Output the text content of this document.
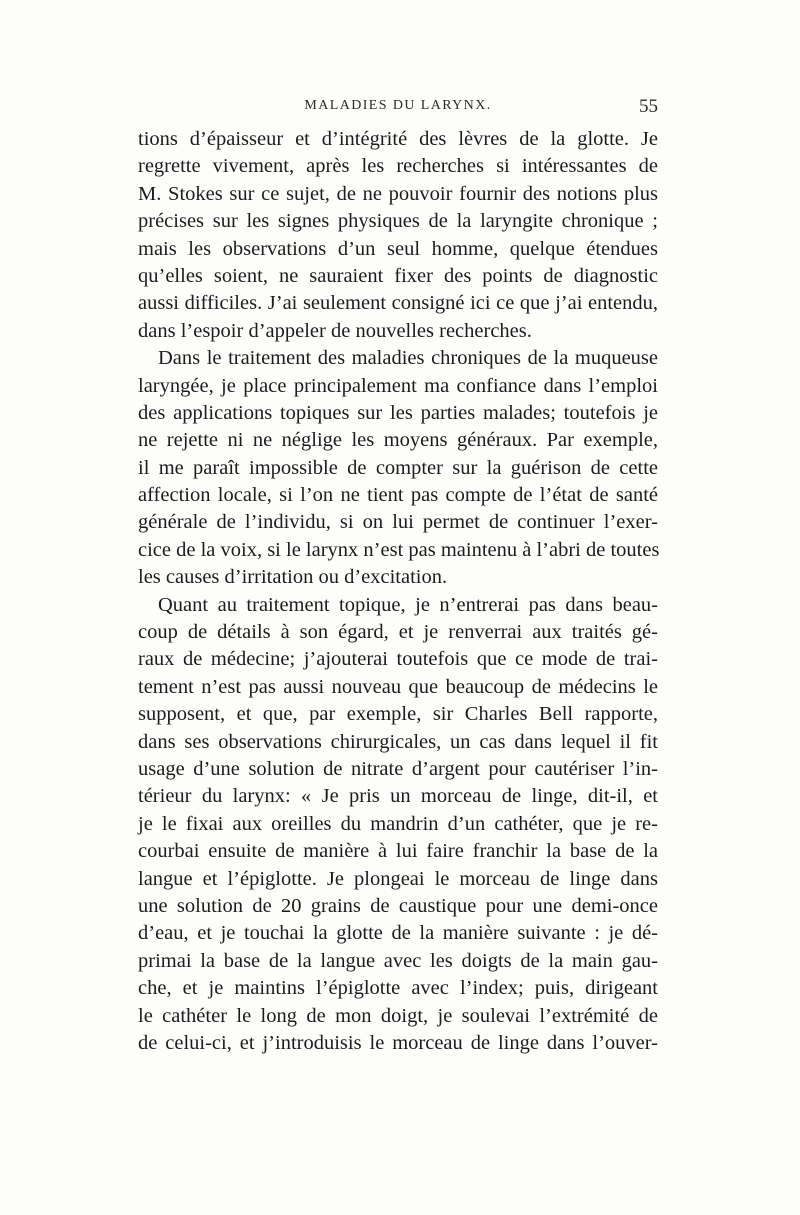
MALADIES DU LARYNX.	55
tions d’épaisseur et d’intégrité des lèvres de la glotte. Je
regrette vivement, après les recherches si intéressantes de
M. Stokes sur ce sujet, de ne pouvoir fournir des notions plus
précises sur les signes physiques de la laryngite chronique ;
mais les observations d’un seul homme, quelque étendues
qu’elles soient, ne sauraient fixer des points de diagnostic
aussi difficiles. J’ai seulement consigné ici ce que j’ai entendu,
dans l’espoir d’appeler de nouvelles recherches.
Dans le traitement des maladies chroniques de la muqueuse
laryngée, je place principalement ma confiance dans l’emploi
des applications topiques sur les parties malades; toutefois je
ne rejette ni ne néglige les moyens généraux. Par exemple,
il me paraît impossible de compter sur la guérison de cette
affection locale, si l’on ne tient pas compte de l’état de santé
générale de l’individu, si on lui permet de continuer l’exer-
cice de la voix, si le larynx n’est pas maintenu à l’abri de toutes
les causes d’irritation ou d’excitation.
Quant au traitement topique, je n’entrerai pas dans beau-
coup de détails à son égard, et je renverrai aux traités gé-
raux de médecine; j’ajouterai toutefois que ce mode de trai-
tement n’est pas aussi nouveau que beaucoup de médecins le
supposent, et que, par exemple, sir Charles Bell rapporte,
dans ses observations chirurgicales, un cas dans lequel il fit
usage d’une solution de nitrate d’argent pour cautériser l’in-
térieur du larynx: « Je pris un morceau de linge, dit-il, et
je le fixai aux oreilles du mandrin d’un cathéter, que je re-
courbai ensuite de manière à lui faire franchir la base de la
langue et l’épiglotte. Je plongeai le morceau de linge dans
une solution de 20 grains de caustique pour une demi-once
d’eau, et je touchai la glotte de la manière suivante : je dé-
primai la base de la langue avec les doigts de la main gau-
che, et je maintins l’épiglotte avec l’index; puis, dirigeant
le cathéter le long de mon doigt, je soulevai l’extrémité de
de celui-ci, et j’introduisis le morceau de linge dans l’ouver-
